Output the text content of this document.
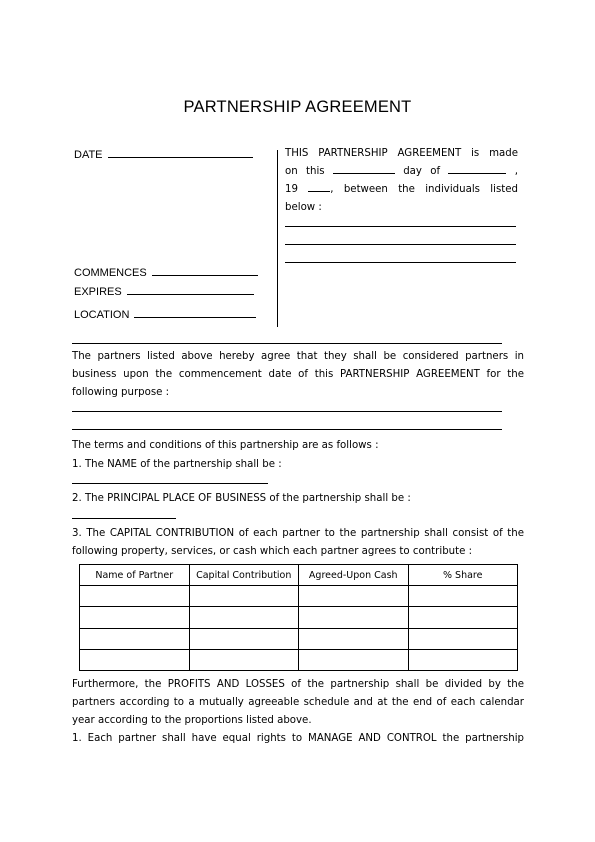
PARTNERSHIP AGREEMENT
DATE
COMMENCES
EXPIRES
LOCATION
THIS PARTNERSHIP AGREEMENT is made
on this	day of	,
19	, between the individuals listed
below :
The partners listed above hereby agree that they shall be considered partners in business upon the commencement date of this PARTNERSHIP AGREEMENT for the following purpose :
The terms and conditions of this partnership are as follows :
1. The NAME of the partnership shall be :
2. The PRINCIPAL PLACE OF BUSINESS of the partnership shall be :
3. The CAPITAL CONTRIBUTION of each partner to the partnership shall consist of the following property, services, or cash which each partner agrees to contribute :
Name of Partner	Capital Contribution	Agreed-Upon Cash	% Share

Furthermore, the PROFITS AND LOSSES of the partnership shall be divided by the partners according to a mutually agreeable schedule and at the end of each calendar year according to the proportions listed above.
1. Each partner shall have equal rights to MANAGE AND CONTROL the partnership
